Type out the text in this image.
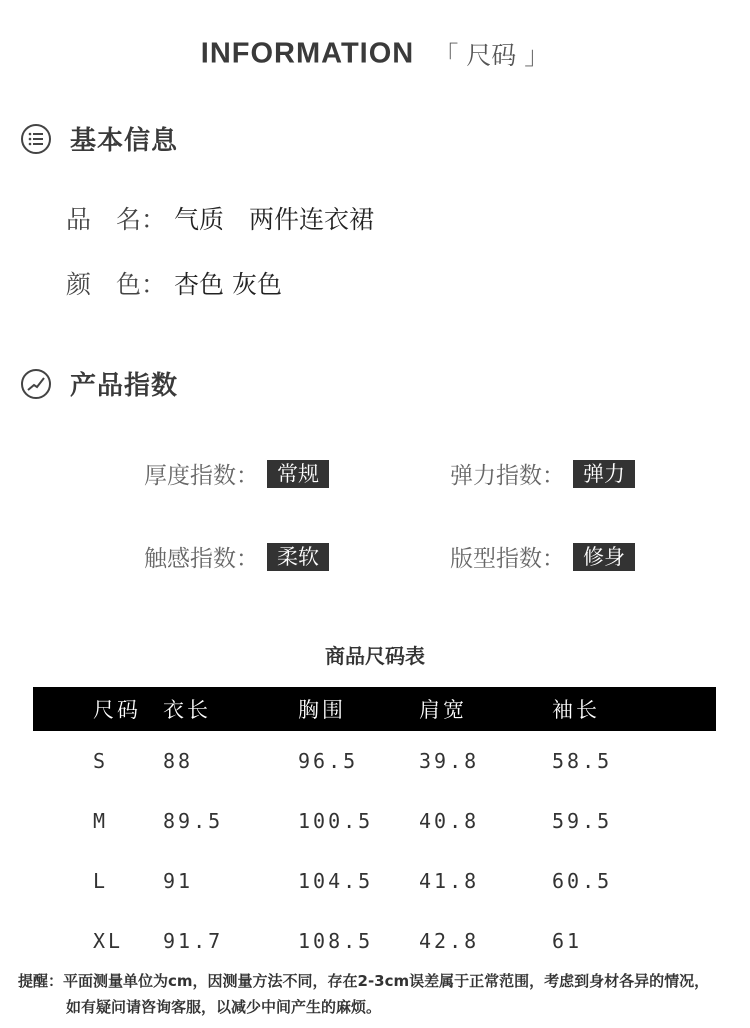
INFORMATION 「 尺码 」
基本信息
品　名： 气质　两件连衣裙
颜　色： 杏色 灰色
产品指数
厚度指数： 常规	弹力指数： 弹力
触感指数： 柔软	版型指数： 修身
商品尺码表
尺码	衣长	胸围	肩宽	袖长
S	88	96.5	39.8	58.5
M	89.5	100.5	40.8	59.5
L	91	104.5	41.8	60.5
XL	91.7	108.5	42.8	61
提醒：平面测量单位为cm，因测量方法不同，存在2-3cm误差属于正常范围，考虑到身材各异的情况，
如有疑问请咨询客服，以减少中间产生的麻烦。
